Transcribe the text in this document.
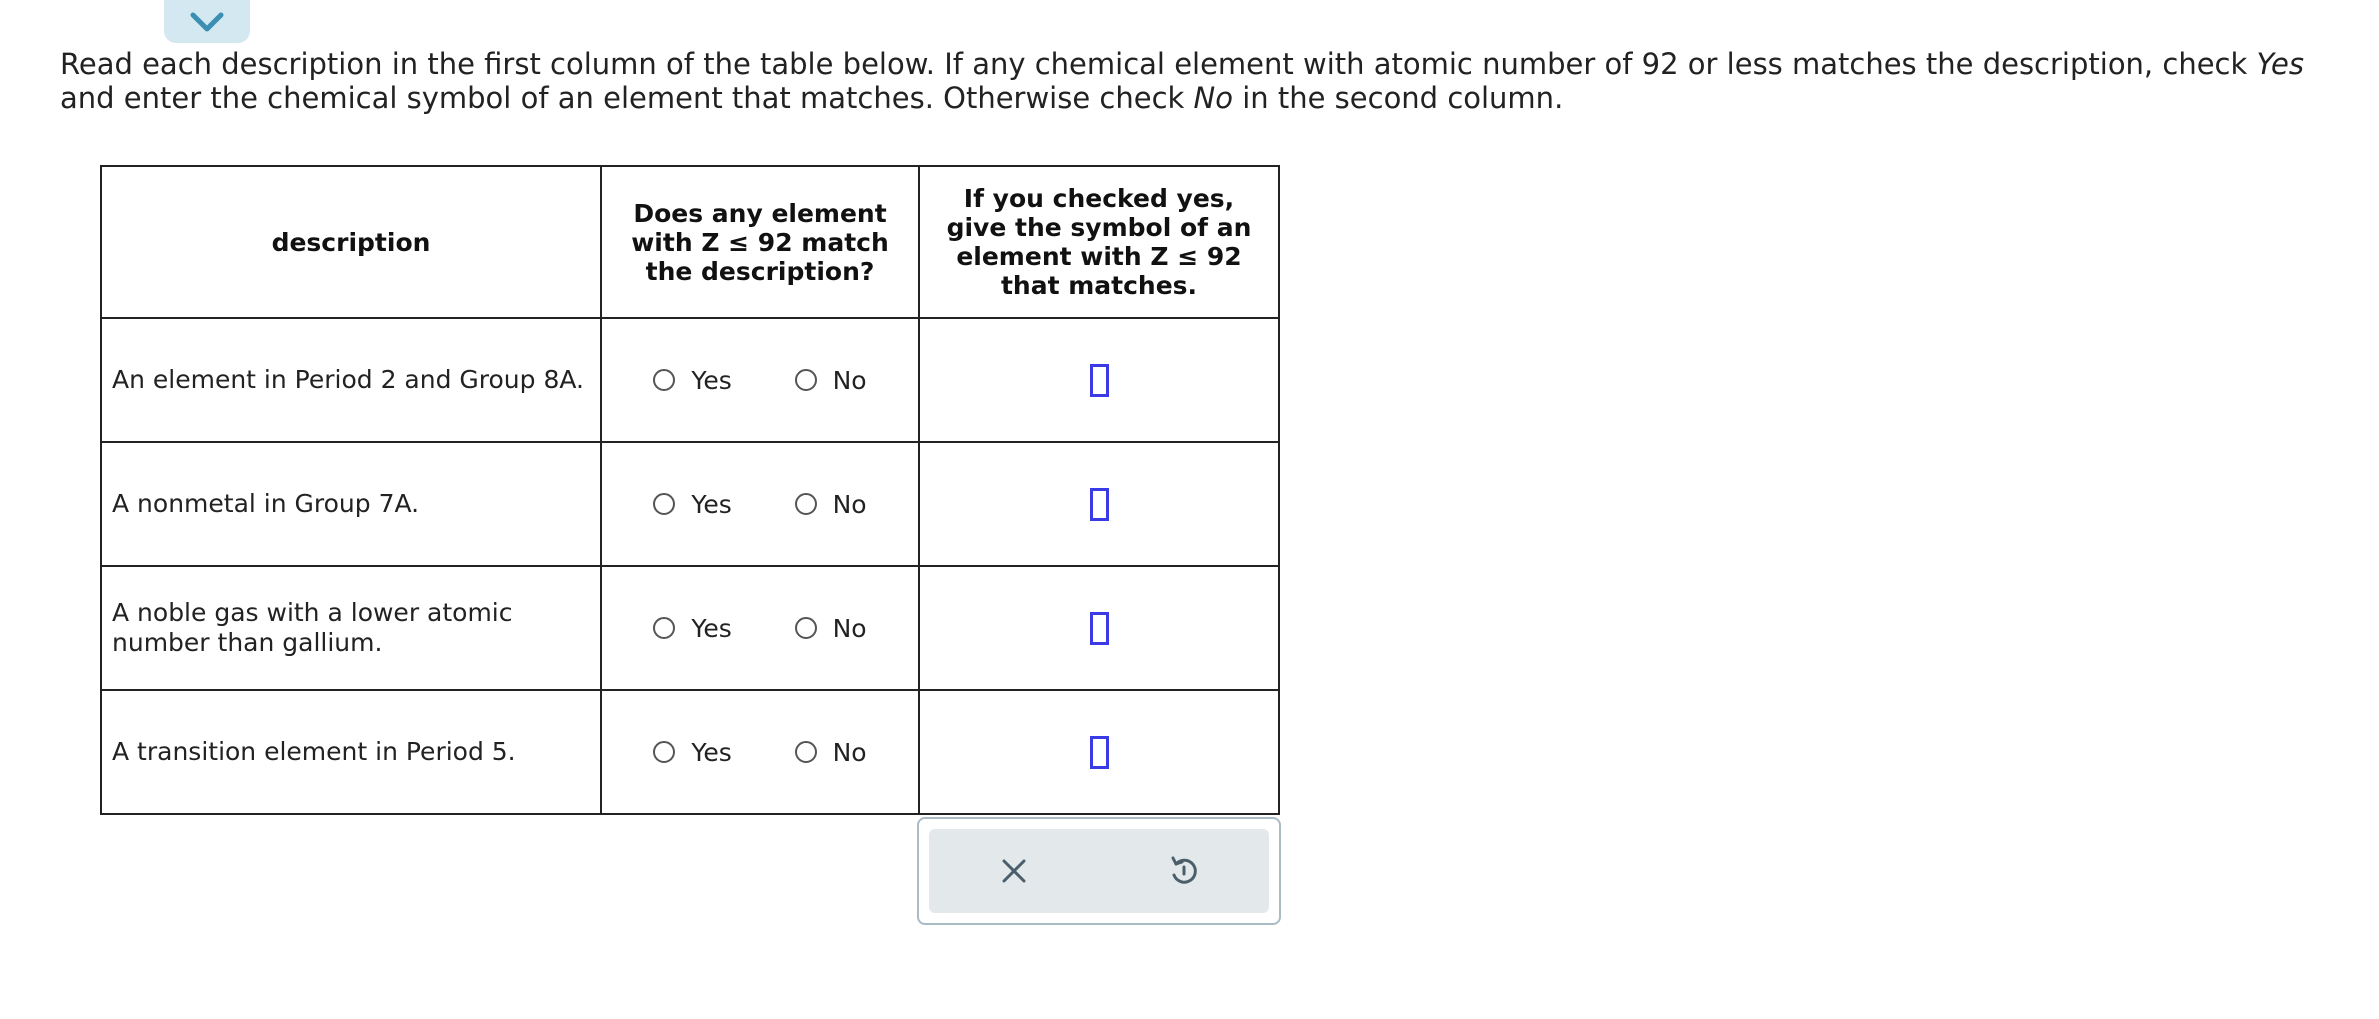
Read each description in the first column of the table below. If any chemical element with atomic number of 92 or less matches the description, check Yes and enter the chemical symbol of an element that matches. Otherwise check No in the second column.
description	Does any element with Z ≤ 92 match the description?	If you checked yes, give the symbol of an element with Z ≤ 92 that matches.

An element in Period 2 and Group 8A.	Yes No	

A nonmetal in Group 7A.	Yes No	

A noble gas with a lower atomic number than gallium.	Yes No	

A transition element in Period 5.	Yes No	
